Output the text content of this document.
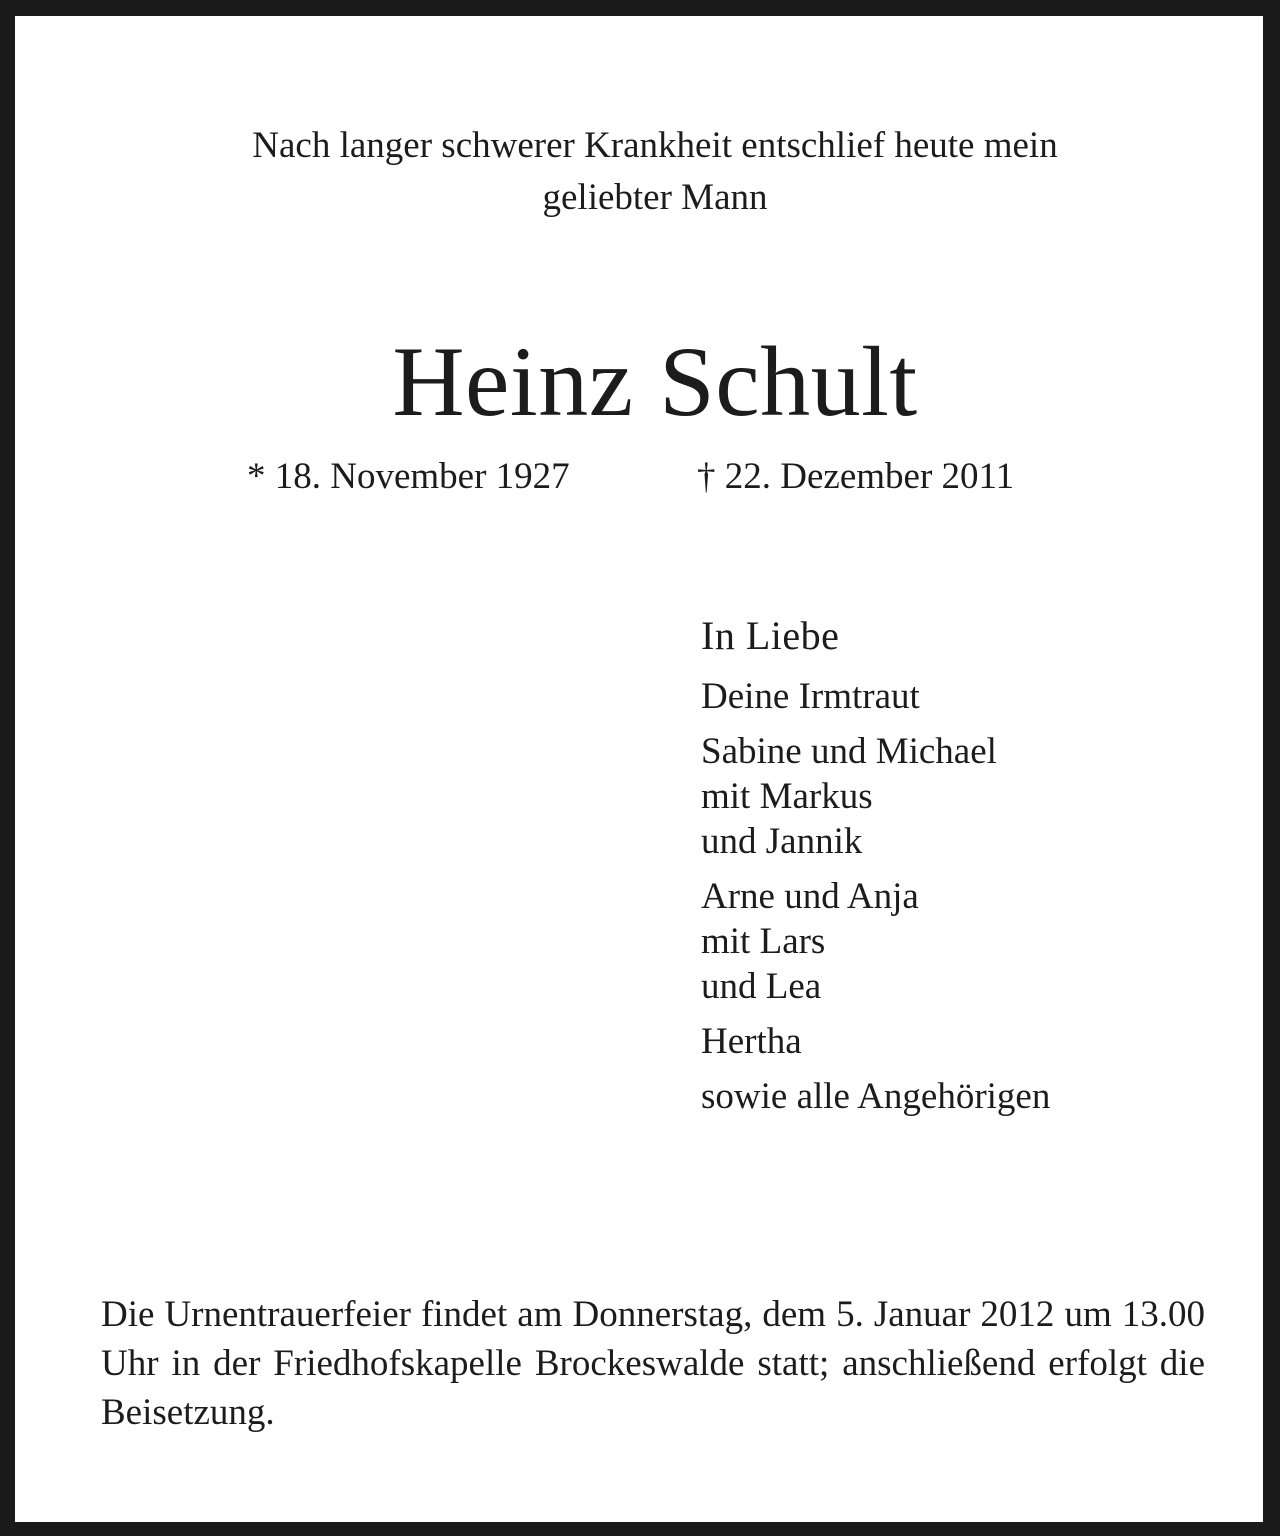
Nach langer schwerer Krankheit entschlief heute mein
geliebter Mann
Heinz Schult
* 18. November 1927	† 22. Dezember 2011
In Liebe
Deine Irmtraut
Sabine und Michael
mit Markus
und Jannik
Arne und Anja
mit Lars
und Lea
Hertha
sowie alle Angehörigen
Die Urnentrauerfeier findet am Donnerstag, dem 5. Januar 2012 um 13.00 Uhr in der Friedhofskapelle Brockeswalde statt; anschließend erfolgt die Beisetzung.
